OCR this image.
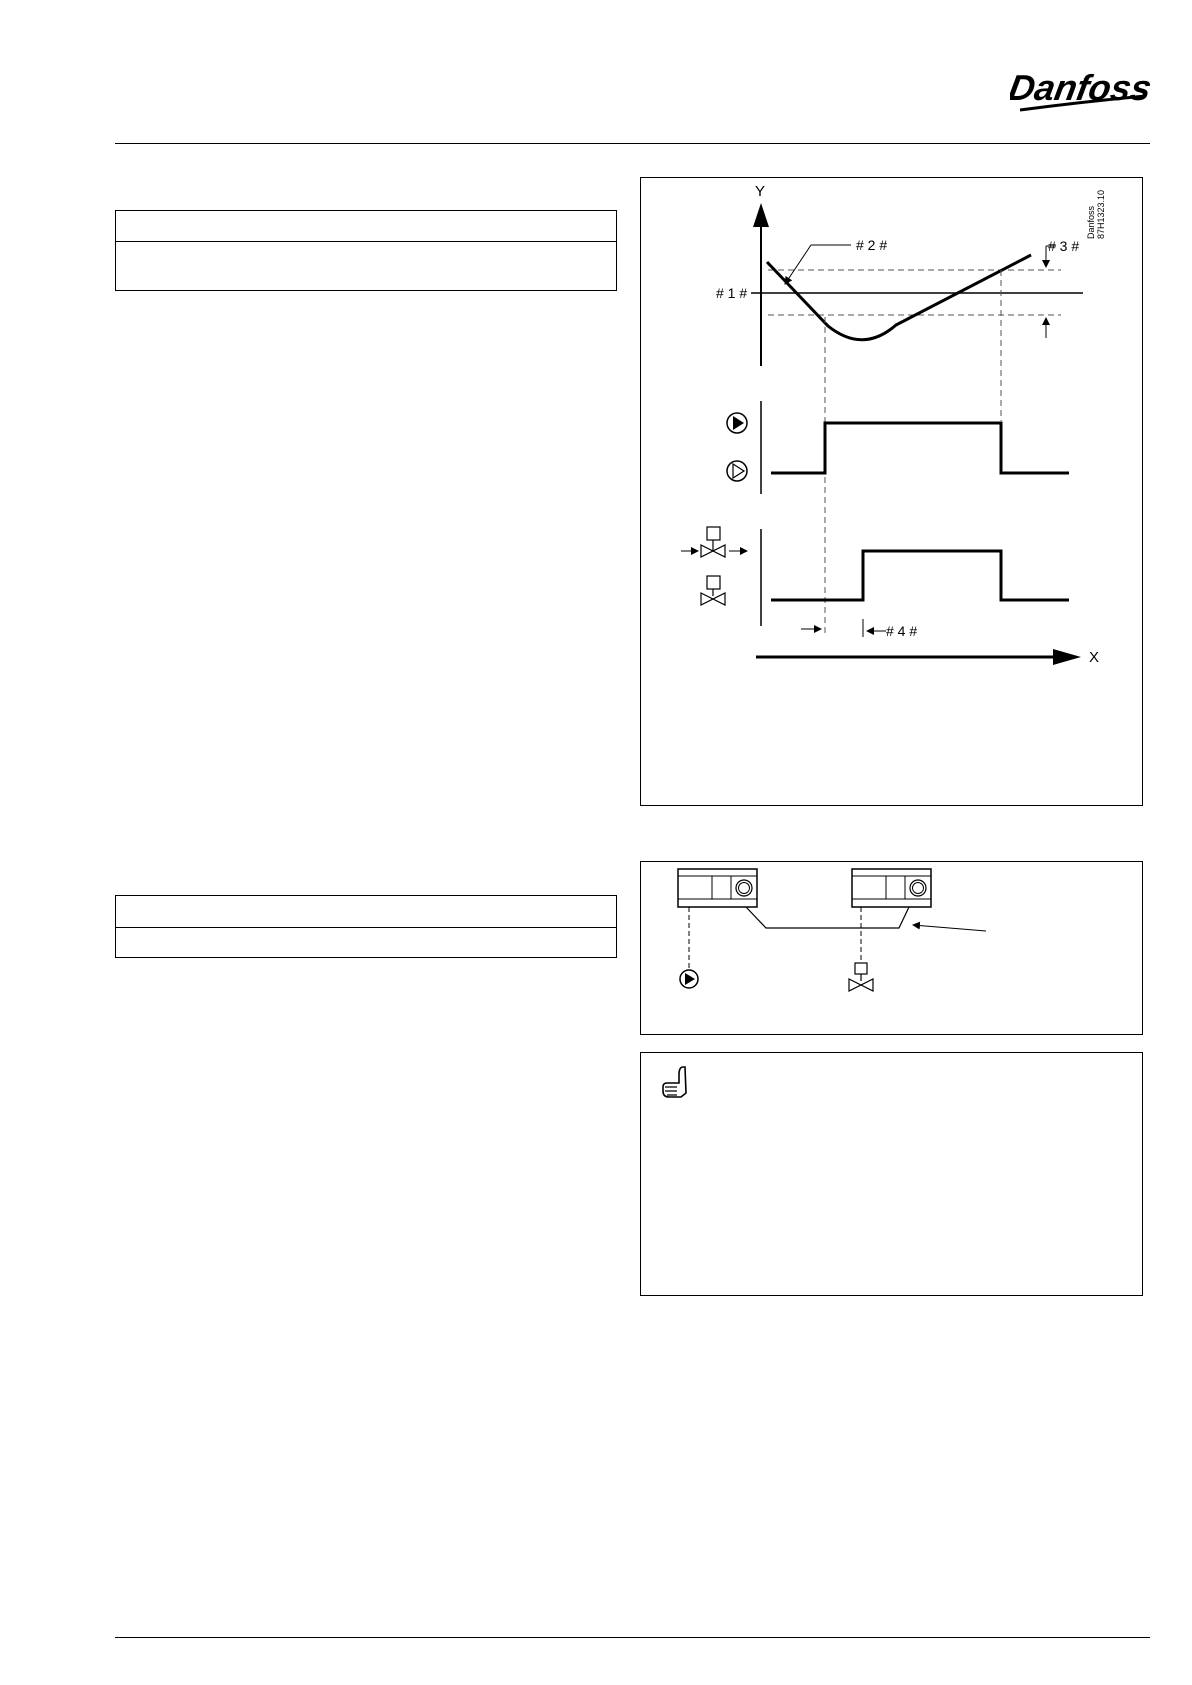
Danfoss
Y
# 1 #
# 2 #	# 3 #
# 4 #
X
Danfoss 87H1323.10
